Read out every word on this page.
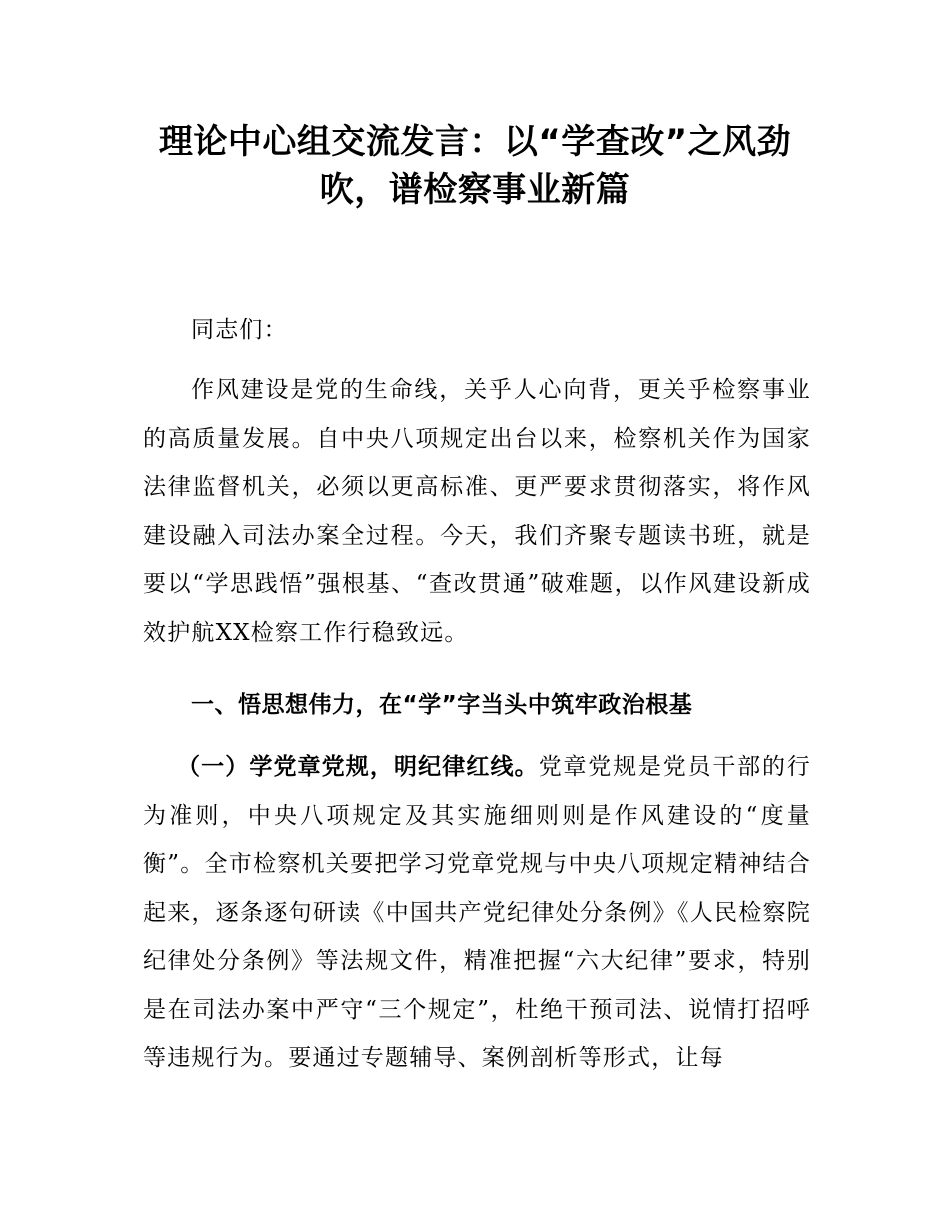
理论中心组交流发言：以“学查改”之风劲吹，谱检察事业新篇

同志们：

作风建设是党的生命线，关乎人心向背，更关乎检察事业的高质量发展。自中央八项规定出台以来，检察机关作为国家法律监督机关，必须以更高标准、更严要求贯彻落实，将作风建设融入司法办案全过程。今天，我们齐聚专题读书班，就是要以“学思践悟”强根基、“查改贯通”破难题，以作风建设新成效护航XX检察工作行稳致远。

一、悟思想伟力，在“学”字当头中筑牢政治根基

（一）学党章党规，明纪律红线。党章党规是党员干部的行为准则，中央八项规定及其实施细则则是作风建设的“度量衡”。全市检察机关要把学习党章党规与中央八项规定精神结合起来，逐条逐句研读《中国共产党纪律处分条例》《人民检察院纪律处分条例》等法规文件，精准把握“六大纪律”要求，特别是在司法办案中严守“三个规定”，杜绝干预司法、说情打招呼等违规行为。要通过专题辅导、案例剖析等形式，让每
